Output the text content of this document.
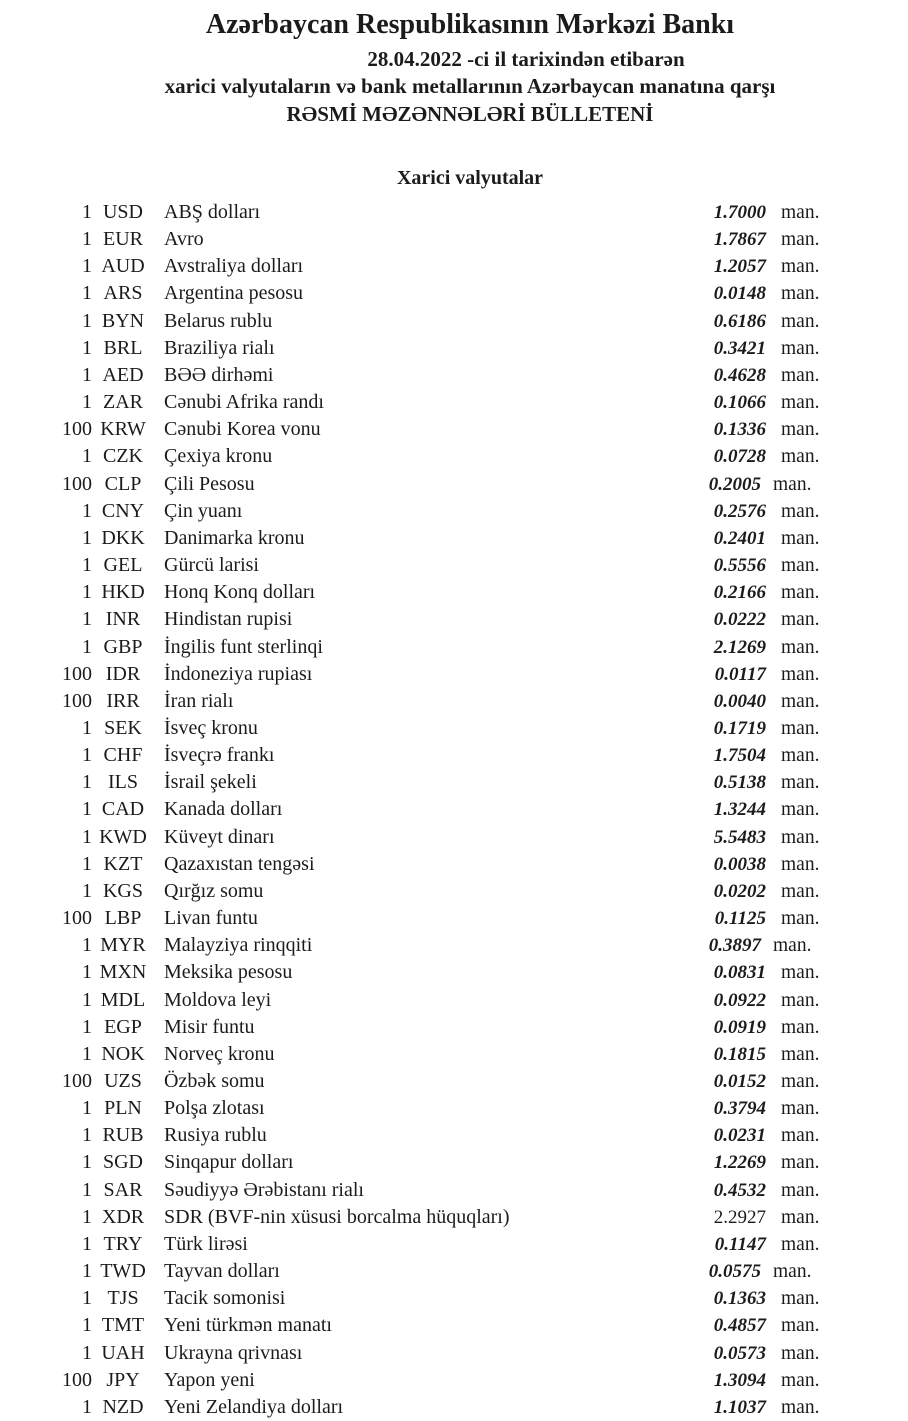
Azərbaycan Respublikasının Mərkəzi Bankı
28.04.2022 -ci il tarixindən etibarən
xarici valyutaların və bank metallarının Azərbaycan manatına qarşı
RƏSMİ MƏZƏNNƏLƏRİ BÜLLETENİ
Xarici valyutalar
1 USD	ABŞ dolları	1.7000 man.
1 EUR	Avro	1.7867 man.
1 AUD Avstraliya dolları	1.2057 man.
1 ARS	Argentina pesosu	0.0148 man.
1 BYN Belarus rublu	0.6186 man.
1 BRL	Braziliya rialı	0.3421 man.
1 AED	BƏƏ dirhəmi	0.4628 man.
1 ZAR	Cənubi Afrika randı	0.1066 man.
100 KRW Cənubi Korea vonu	0.1336 man.
1 CZK	Çexiya kronu	0.0728 man.
100 CLP	Çili Pesosu	0.2005 man.
1 CNY Çin yuanı	0.2576 man.
1 DKK Danimarka kronu	0.2401 man.
1 GEL	Gürcü larisi	0.5556 man.
1 HKD Honq Konq dolları	0.2166 man.
1 INR	Hindistan rupisi	0.0222 man.
1 GBP	İngilis funt sterlinqi	2.1269 man.
100 IDR	İndoneziya rupiası	0.0117 man.
100 IRR	İran rialı	0.0040 man.
1 SEK	İsveç kronu	0.1719 man.
1 CHF	İsveçrə frankı	1.7504 man.
1 ILS	İsrail şekeli	0.5138 man.
1 CAD Kanada dolları	1.3244 man.
1 KWD Küveyt dinarı	5.5483 man.
1 KZT	Qazaxıstan tengəsi	0.0038 man.
1 KGS	Qırğız somu	0.0202 man.
100 LBP	Livan funtu	0.1125 man.
1 MYR Malayziya rinqqiti	0.3897 man.
1 MXN Meksika pesosu	0.0831 man.
1 MDL Moldova leyi	0.0922 man.
1 EGP	Misir funtu	0.0919 man.
1 NOK Norveç kronu	0.1815 man.
100 UZS	Özbək somu	0.0152 man.
1 PLN	Polşa zlotası	0.3794 man.
1 RUB	Rusiya rublu	0.0231 man.
1 SGD	Sinqapur dolları	1.2269 man.
1 SAR	Səudiyyə Ərəbistanı rialı	0.4532 man.
1 XDR SDR (BVF-nin xüsusi borcalma hüquqları)	2.2927 man.
1 TRY	Türk lirəsi	0.1147 man.
1 TWD Tayvan dolları	0.0575 man.
1 TJS	Tacik somonisi	0.1363 man.
1 TMT Yeni türkmən manatı	0.4857 man.
1 UAH Ukrayna qrivnası	0.0573 man.
100 JPY	Yapon yeni	1.3094 man.
1 NZD	Yeni Zelandiya dolları	1.1037 man.
